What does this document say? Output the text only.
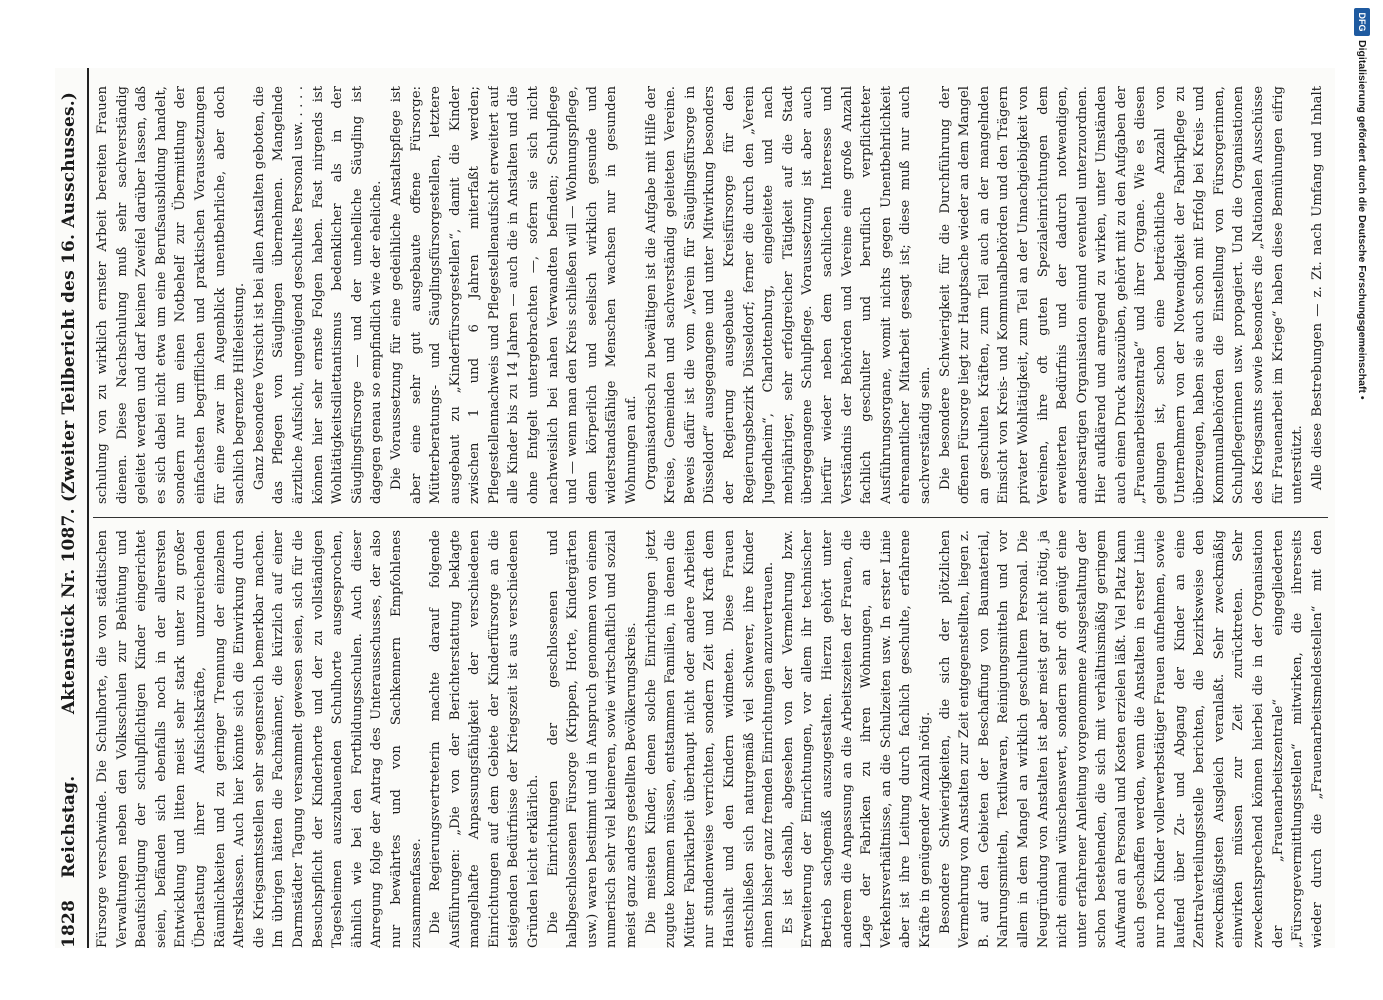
1828
Reichstag.
Aktenstück Nr. 1087. (Zweiter Teilbericht des 16. Ausschusses.)

Fürsorge verschwinde. Die Schulhorte, die von städtischen Verwaltungen neben den Volksschulen zur Behütung und Beaufsichtigung der schulpflichtigen Kinder eingerichtet seien, befänden sich ebenfalls noch in der allerersten Entwicklung und litten meist sehr stark unter zu großer Überlastung ihrer Aufsichtskräfte, unzureichenden Räumlichkeiten und zu geringer Trennung der einzelnen Altersklassen. Auch hier könnte sich die Einwirkung durch die Kriegsamtsstellen sehr segensreich bemerkbar machen. Im übrigen hätten die Fachmänner, die kürzlich auf einer Darmstädter Tagung versammelt gewesen seien, sich für die Besuchspflicht der Kinderhorte und der zu vollständigen Tagesheimen auszubauenden Schulhorte ausgesprochen, ähnlich wie bei den Fortbildungsschulen. Auch dieser Anregung folge der Antrag des Unterausschusses, der also nur bewährtes und von Sachkennern Empfohlenes zusammenfasse. Die Regierungsvertreterin machte darauf folgende Ausführungen: „Die von der Berichterstattung beklagte mangelhafte Anpassungsfähigkeit der verschiedenen Einrichtungen auf dem Gebiete der Kinderfürsorge an die steigenden Bedürfnisse der Kriegszeit ist aus verschiedenen Gründen leicht erklärlich. Die Einrichtungen der geschlossenen und halbgeschlossenen Fürsorge (Krippen, Horte, Kindergärten usw.) waren bestimmt und in Anspruch genommen von einem numerisch sehr viel kleineren, sowie wirtschaftlich und sozial meist ganz anders gestellten Bevölkerungskreis. Die meisten Kinder, denen solche Einrichtungen jetzt zugute kommen müssen, entstammen Familien, in denen die Mütter Fabrikarbeit überhaupt nicht oder andere Arbeiten nur stundenweise verrichten, sondern Zeit und Kraft dem Haushalt und den Kindern widmeten. Diese Frauen entschließen sich naturgemäß viel schwerer, ihre Kinder ihnen bisher ganz fremden Einrichtungen anzuvertrauen. Es ist deshalb, abgesehen von der Vermehrung bzw. Erweiterung der Einrichtungen, vor allem ihr technischer Betrieb sachgemäß auszugestalten. Hierzu gehört unter anderem die Anpassung an die Arbeitszeiten der Frauen, die Lage der Fabriken zu ihren Wohnungen, an die Verkehrsverhältnisse, an die Schulzeiten usw. In erster Linie aber ist ihre Leitung durch fachlich geschulte, erfahrene Kräfte in genügender Anzahl nötig. Besondere Schwierigkeiten, die sich der plötzlichen Vermehrung von Anstalten zur Zeit entgegenstellten, liegen z. B. auf den Gebieten der Beschaffung von Baumaterial, Nahrungsmitteln, Textilwaren, Reinigungsmitteln und vor allem in dem Mangel an wirklich geschultem Personal. Die Neugründung von Anstalten ist aber meist gar nicht nötig, ja nicht einmal wünschenswert, sondern sehr oft genügt eine unter erfahrener Anleitung vorgenommene Ausgestaltung der schon bestehenden, die sich mit verhältnismäßig geringem Aufwand an Personal und Kosten erzielen läßt. Viel Platz kann auch geschaffen werden, wenn die Anstalten in erster Linie nur noch Kinder vollerwerbstätiger Frauen aufnehmen, sowie laufend über Zu- und Abgang der Kinder an eine Zentralverteilungsstelle berichten, die bezirksweise den zweckmäßigsten Ausgleich veranlaßt. Sehr zweckmäßig einwirken müssen zur Zeit zurücktreten. Sehr zweckentsprechend können hierbei die in der Organisation der „Frauenarbeitszentrale“ eingegliederten „Fürsorgevermittlungsstellen“ mitwirken, die ihrerseits wieder durch die „Frauenarbeitsmeldestellen“ mit den

schulung von zu wirklich ernster Arbeit bereiten Frauen dienen. Diese Nachschulung muß sehr sachverständig geleitet werden und darf keinen Zweifel darüber lassen, daß es sich dabei nicht etwa um eine Berufsausbildung handelt, sondern nur um einen Notbehelf zur Übermittlung der einfachsten begrifflichen und praktischen Voraussetzungen für eine zwar im Augenblick unentbehrliche, aber doch sachlich begrenzte Hilfeleistung. Ganz besondere Vorsicht ist bei allen Anstalten geboten, die das Pflegen von Säuglingen übernehmen. Mangelnde ärztliche Aufsicht, ungenügend geschultes Personal usw. . . . . können hier sehr ernste Folgen haben. Fast nirgends ist Wohltätigkeitsdilettantismus bedenklicher als in der Säuglingsfürsorge — und der unehelliche Säugling ist dagegen genau so empfindlich wie der eheliche. Die Voraussetzung für eine gedeihliche Anstaltspflege ist aber eine sehr gut ausgebaute offene Fürsorge: Mütterberatungs- und Säuglingsfürsorgestellen, letztere ausgebaut zu „Kinderfürsorgestellen“, damit die Kinder zwischen 1 und 6 Jahren miterfaßt werden; Pflegestellennachweis und Pflegestellenaufsicht erweitert auf alle Kinder bis zu 14 Jahren — auch die in Anstalten und die ohne Entgelt untergebrachten —, sofern sie sich nicht nachweislich bei nahen Verwandten befinden; Schulpflege und — wenn man den Kreis schließen will — Wohnungspflege, denn körperlich und seelisch wirklich gesunde und widerstandsfähige Menschen wachsen nur in gesunden Wohnungen auf. Organisatorisch zu bewältigen ist die Aufgabe mit Hilfe der Kreise, Gemeinden und sachverständig geleiteten Vereine. Beweis dafür ist die vom „Verein für Säuglingsfürsorge in Düsseldorf“ ausgegangene und unter Mitwirkung besonders der Regierung ausgebaute Kreisfürsorge für den Regierungsbezirk Düsseldorf; ferner die durch den „Verein Jugendheim“, Charlottenburg, eingeleitete und nach mehrjähriger, sehr erfolgreicher Tätigkeit auf die Stadt übergegangene Schulpflege. Voraussetzung ist aber auch hierfür wieder neben dem sachlichen Interesse und Verständnis der Behörden und Vereine eine große Anzahl fachlich geschulter und beruflich verpflichteter Ausführungsorgane, womit nichts gegen Unentbehrlichkeit ehrenamtlicher Mitarbeit gesagt ist; diese muß nur auch sachverständig sein. Die besondere Schwierigkeit für die Durchführung der offenen Fürsorge liegt zur Hauptsache wieder an dem Mangel an geschulten Kräften, zum Teil auch an der mangelnden Einsicht von Kreis- und Kommunalbehörden und den Trägern privater Wohltätigkeit, zum Teil an der Unnachgiebigkeit von Vereinen, ihre oft guten Spezialeinrichtungen dem erweiterten Bedürfnis und der dadurch notwendigen, andersartigen Organisation einund eventuell unterzuordnen. Hier aufklärend und anregend zu wirken, unter Umständen auch einen Druck auszuüben, gehört mit zu den Aufgaben der „Frauenarbeitszentrale“ und ihrer Organe. Wie es diesen gelungen ist, schon eine beträchtliche Anzahl von Unternehmern von der Notwendigkeit der Fabrikpflege zu überzeugen, haben sie auch schon mit Erfolg bei Kreis- und Kommunalbehörden die Einstellung von Fürsorgerinnen, Schulpflegerinnen usw. propagiert. Und die Organisationen des Kriegsamts sowie besonders die „Nationalen Ausschüsse für Frauenarbeit im Kriege“ haben diese Bemühungen eifrig unterstützt. Alle diese Bestrebungen — z. Zt. nach Umfang und Inhalt

DFG
Digitalisierung gefördert durch die Deutsche Forschungsgemeinschaft •
